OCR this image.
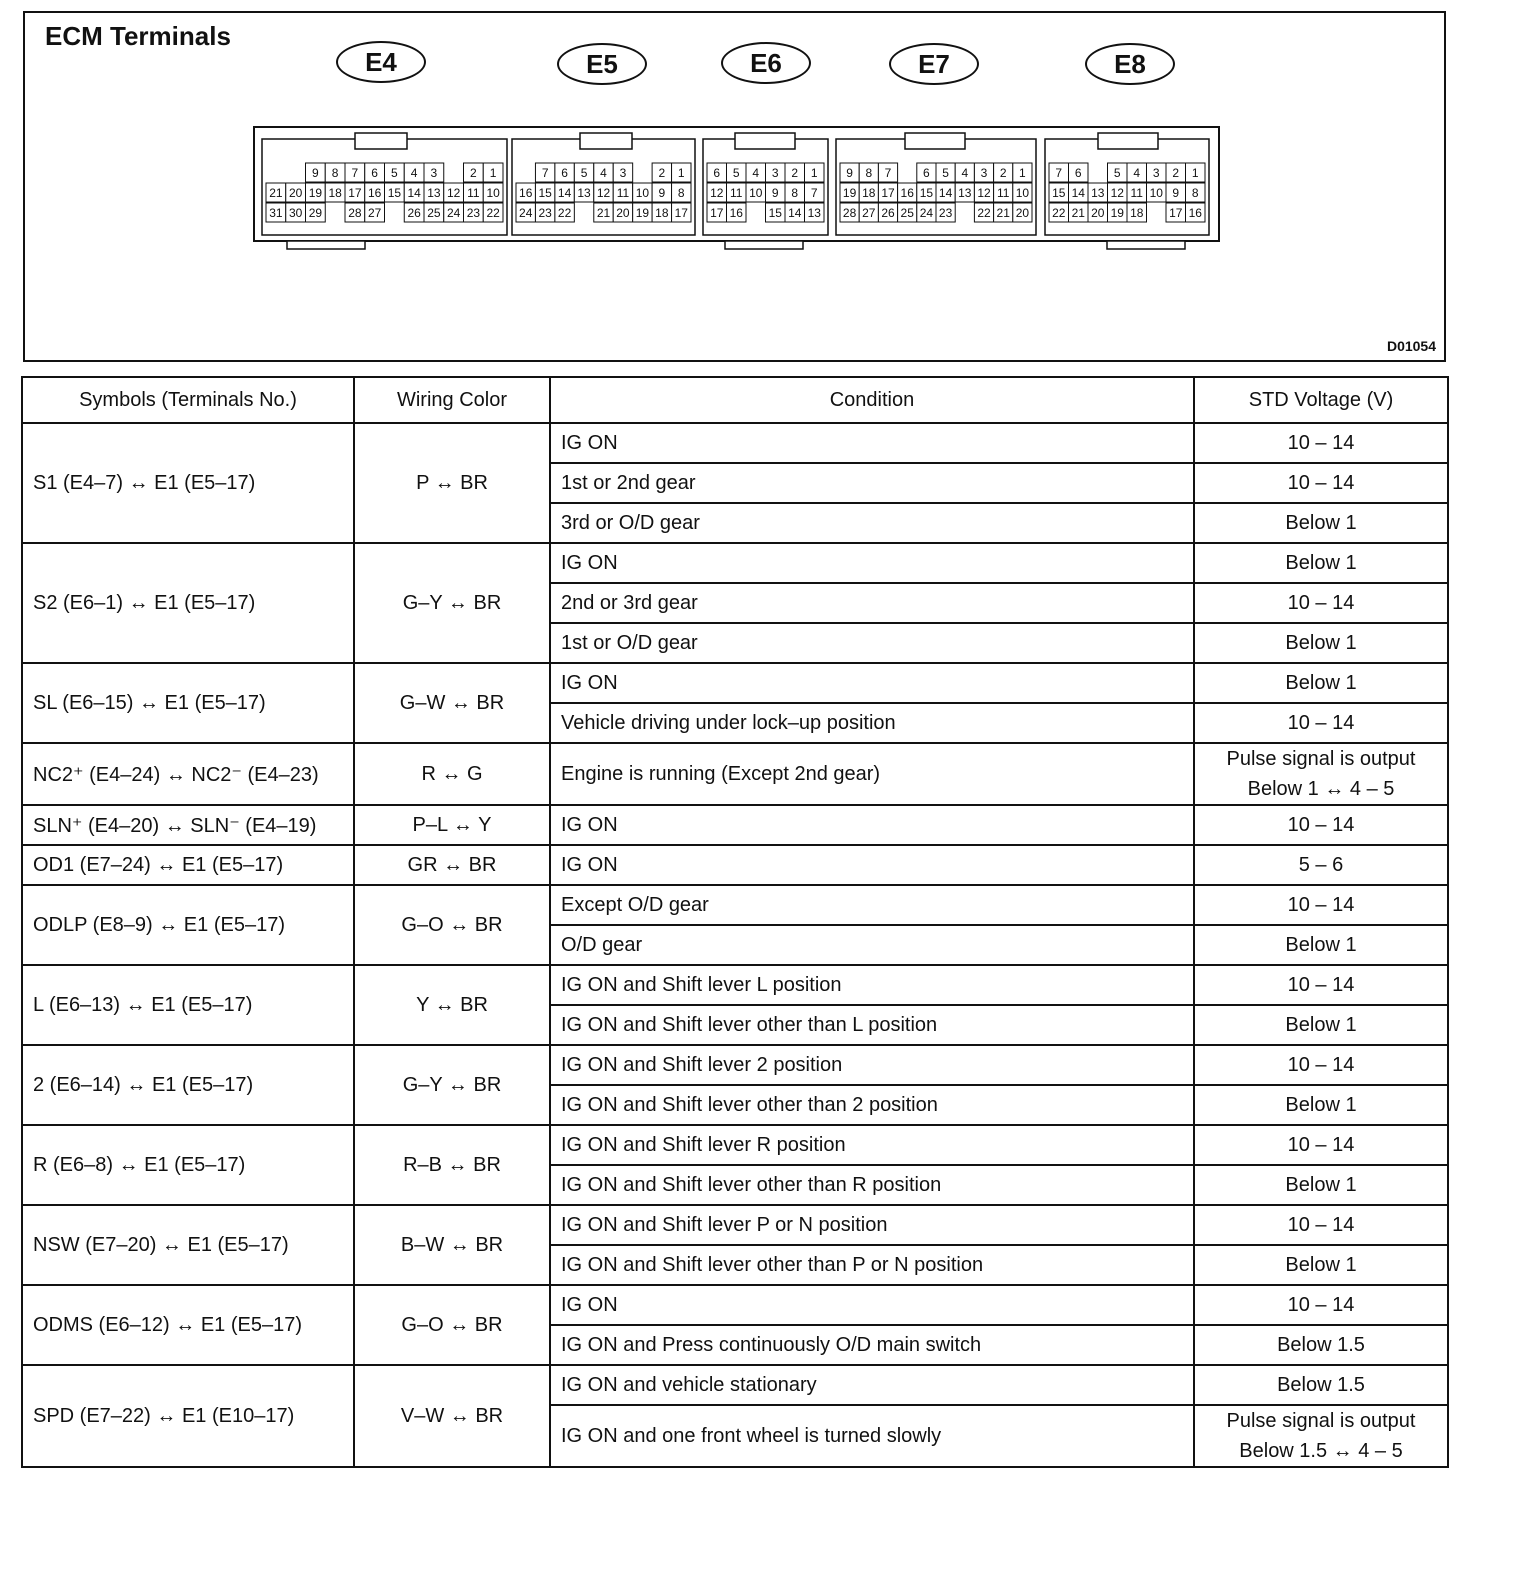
ECM Terminals
9 8 7 6 5 4 3	2 1
21 20 19 18 17 16 15 14 13 12 11 10
31 30 29 28 27 26 25 24 23 22
7 6 5 4 3	2 1
16 15 14 13 12 11 10 9 8
24 23 22 21 20 19 18 17
6 5 4 3 2 1
12 11 10 9 8 7
17 16 15 14 13
9 8 7	6 5 4 3 2 1
19 18 17 16 15 14 13 12 11 10
28 27 26 25 24 23 22 21 20
7 6	5 4 3 2 1
15 14 13 12 11 10 9 8
22 21 20 19 18 17 16
E4	E5	E6	E7	E8
D01054
Symbols (Terminals No.)	Wiring Color	Condition	STD Voltage (V)
S1 (E4–7) ↔ E1 (E5–17)	P ↔ BR	IG ON	10 – 14

		1st or 2nd gear	10 – 14

		3rd or O/D gear	Below 1

S2 (E6–1) ↔ E1 (E5–17)	G–Y ↔ BR	IG ON	Below 1

		2nd or 3rd gear	10 – 14

		1st or O/D gear	Below 1

SL (E6–15) ↔ E1 (E5–17)	G–W ↔ BR	IG ON	Below 1

		Vehicle driving under lock–up position	10 – 14

NC2⁺ (E4–24) ↔ NC2⁻ (E4–23)	R ↔ G	Engine is running (Except 2nd gear)	Pulse signal is output
Below 1 ↔ 4 – 5

SLN⁺ (E4–20) ↔ SLN⁻ (E4–19)	P–L ↔ Y	IG ON	10 – 14

OD1 (E7–24) ↔ E1 (E5–17)	GR ↔ BR	IG ON	5 – 6

ODLP (E8–9) ↔ E1 (E5–17)	G–O ↔ BR	Except O/D gear	10 – 14

		O/D gear	Below 1

L (E6–13) ↔ E1 (E5–17)	Y ↔ BR	IG ON and Shift lever L position	10 – 14

		IG ON and Shift lever other than L position	Below 1

2 (E6–14) ↔ E1 (E5–17)	G–Y ↔ BR	IG ON and Shift lever 2 position	10 – 14

		IG ON and Shift lever other than 2 position	Below 1

R (E6–8) ↔ E1 (E5–17)	R–B ↔ BR	IG ON and Shift lever R position	10 – 14

		IG ON and Shift lever other than R position	Below 1

NSW (E7–20) ↔ E1 (E5–17)	B–W ↔ BR	IG ON and Shift lever P or N position	10 – 14

		IG ON and Shift lever other than P or N position	Below 1

ODMS (E6–12) ↔ E1 (E5–17)	G–O ↔ BR	IG ON	10 – 14

		IG ON and Press continuously O/D main switch	Below 1.5

SPD (E7–22) ↔ E1 (E10–17)	V–W ↔ BR	IG ON and vehicle stationary	Below 1.5

		IG ON and one front wheel is turned slowly	Pulse signal is output
Below 1.5 ↔ 4 – 5
